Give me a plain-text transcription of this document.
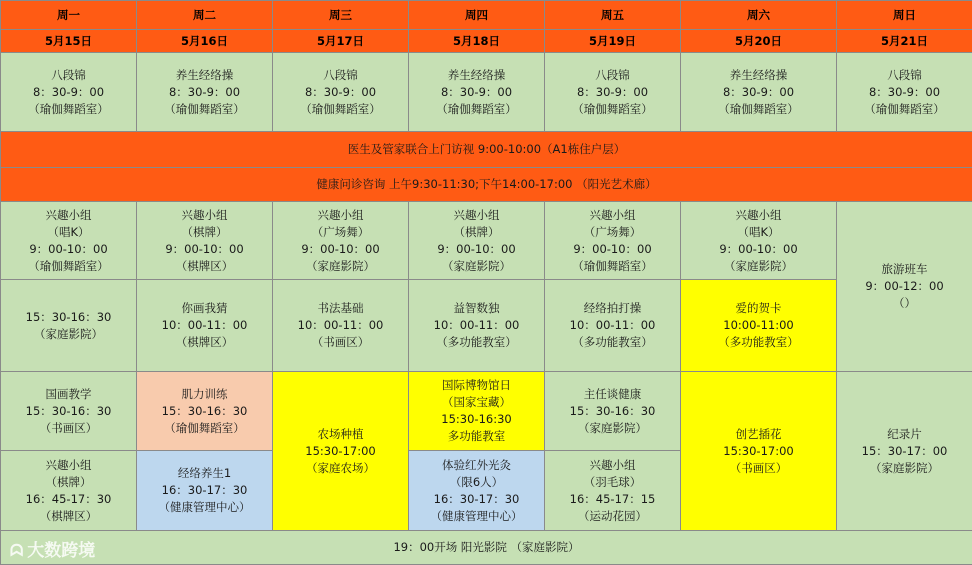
周一	周二	周三	周四	周五	周六	周日
5月15日	5月16日	5月17日	5月18日	5月19日	5月20日	5月21日

八段锦
8：30-9：00
（瑜伽舞蹈室）	养生经络操
8：30-9：00
（瑜伽舞蹈室）	八段锦
8：30-9：00
（瑜伽舞蹈室）	养生经络操
8：30-9：00
（瑜伽舞蹈室）	八段锦
8：30-9：00
（瑜伽舞蹈室）	养生经络操
8：30-9：00
（瑜伽舞蹈室）	八段锦
8：30-9：00
（瑜伽舞蹈室）

医生及管家联合上门访视 9:00-10:00（A1栋住户层）						
健康问诊咨询 上午9:30-11:30;下午14:00-17:00 （阳光艺术廊）						

兴趣小组
（唱K）
9：00-10：00
（瑜伽舞蹈室）	兴趣小组
（棋牌）
9：00-10：00
（棋牌区）	兴趣小组
（广场舞）
9：00-10：00
（家庭影院）	兴趣小组
（棋牌）
9：00-10：00
（家庭影院）	兴趣小组
（广场舞）
9：00-10：00
（瑜伽舞蹈室）	兴趣小组
（唱K）
9：00-10：00
（家庭影院）	旅游班车
9：00-12：00
（）

15：30-16：30
（家庭影院）	你画我猜
10：00-11：00
（棋牌区）	书法基础
10：00-11：00
（书画区）	益智数独
10：00-11：00
（多功能教室）	经络拍打操
10：00-11：00
（多功能教室）	爱的贺卡
10:00-11:00
（多功能教室）	

国画教学
15：30-16：30
（书画区）	肌力训练
15：30-16：30
（瑜伽舞蹈室）	农场种植
15:30-17:00
（家庭农场）	国际博物馆日
（国家宝藏）
15:30-16:30
多功能教室	主任谈健康
15：30-16：30
（家庭影院）	创艺插花
15:30-17:00
（书画区）	纪录片
15：30-17：00
（家庭影院）

兴趣小组
（棋牌）
16：45-17：30
（棋牌区）	经络养生1
16：30-17：30
（健康管理中心）		体验红外光灸
（限6人）
16：30-17：30
（健康管理中心）	兴趣小组
（羽毛球）
16：45-17：15
（运动花园）		

19：00开场 阳光影院 （家庭影院）						
ᗣ 大数跨境
